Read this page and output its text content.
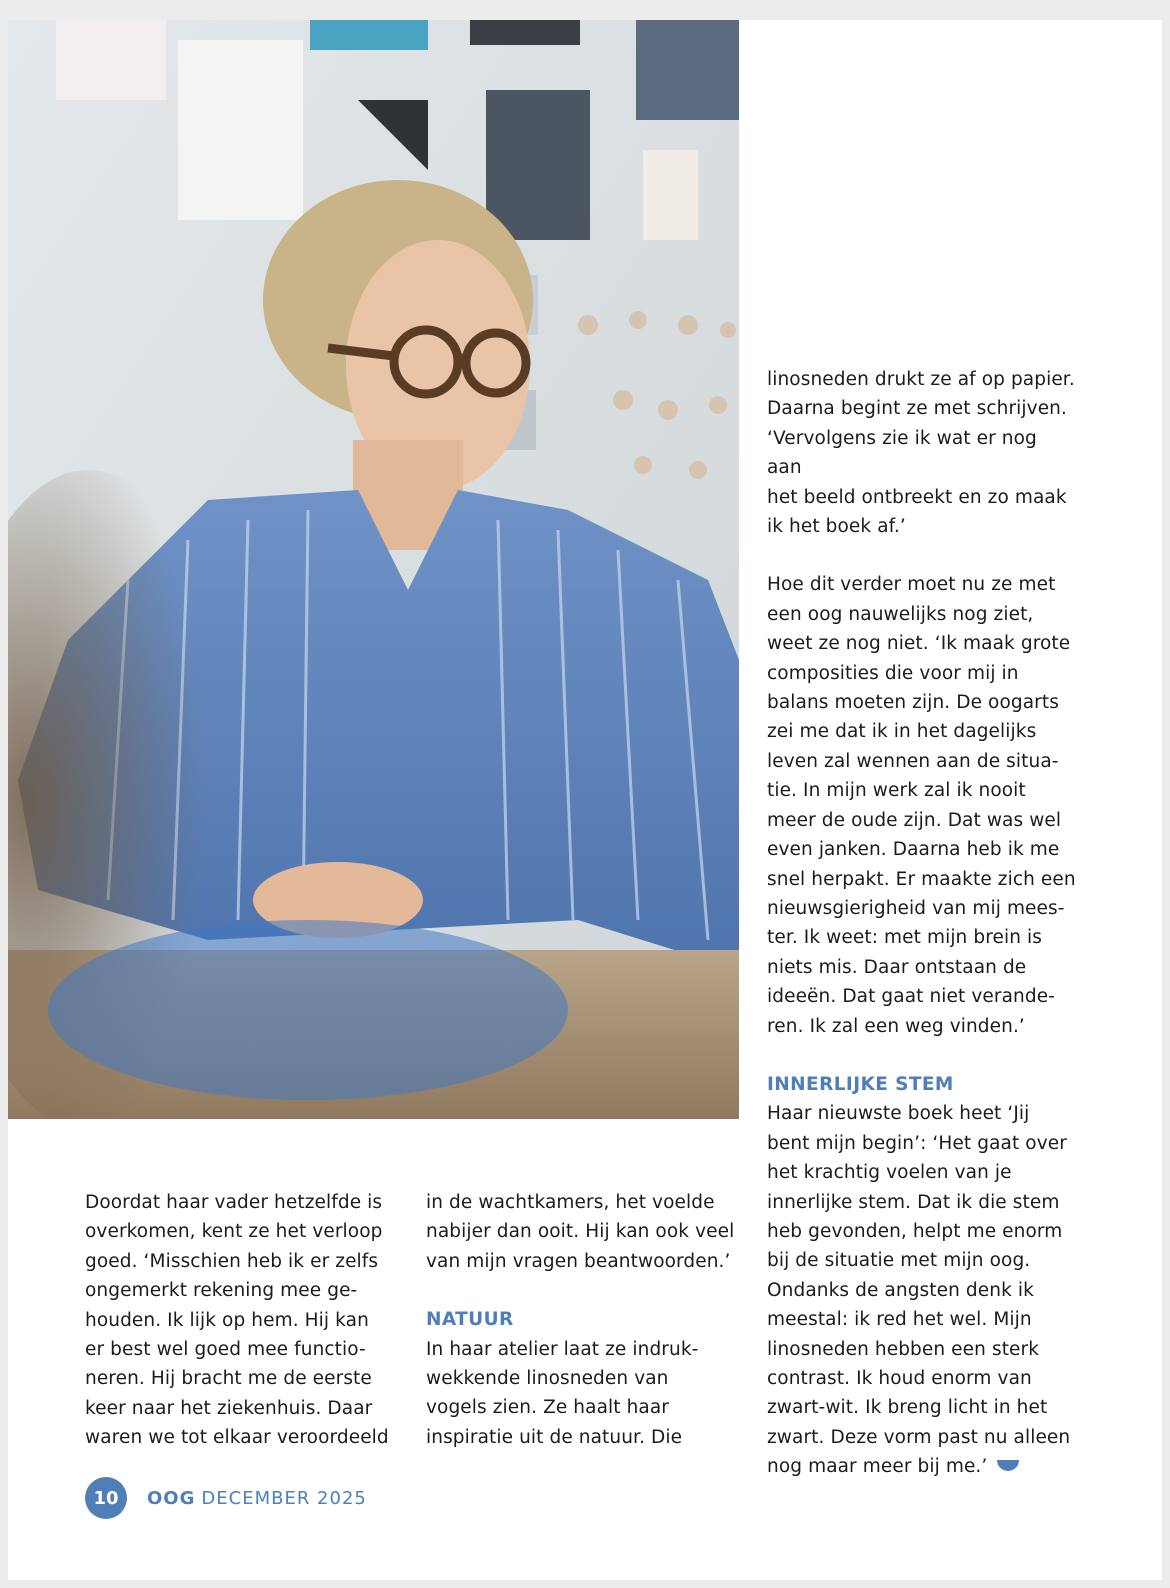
Doordat haar vader hetzelfde is

overkomen, kent ze het verloop

goed. ‘Misschien heb ik er zelfs

ongemerkt rekening mee ge-

houden. Ik lijk op hem. Hij kan

er best wel goed mee functio-

neren. Hij bracht me de eerste

keer naar het ziekenhuis. Daar

waren we tot elkaar veroordeeld

in de wachtkamers, het voelde

nabijer dan ooit. Hij kan ook veel

van mijn vragen beantwoorden.’

NATUUR

In haar atelier laat ze indruk-

wekkende linosneden van

vogels zien. Ze haalt haar

inspiratie uit de natuur. Die

linosneden drukt ze af op papier.

Daarna begint ze met schrijven.

‘Vervolgens zie ik wat er nog aan

het beeld ontbreekt en zo maak

ik het boek af.’

Hoe dit verder moet nu ze met

een oog nauwelijks nog ziet,

weet ze nog niet. ‘Ik maak grote

composities die voor mij in

balans moeten zijn. De oogarts

zei me dat ik in het dagelijks

leven zal wennen aan de situa-

tie. In mijn werk zal ik nooit

meer de oude zijn. Dat was wel

even janken. Daarna heb ik me

snel herpakt. Er maakte zich een

nieuwsgierigheid van mij mees-

ter. Ik weet: met mijn brein is

niets mis. Daar ontstaan de

ideeën. Dat gaat niet verande-

ren. Ik zal een weg vinden.’

INNERLIJKE STEM

Haar nieuwste boek heet ‘Jij

bent mijn begin’: ‘Het gaat over

het krachtig voelen van je

innerlijke stem. Dat ik die stem

heb gevonden, helpt me enorm

bij de situatie met mijn oog.

Ondanks de angsten denk ik

meestal: ik red het wel. Mijn

linosneden hebben een sterk

contrast. Ik houd enorm van

zwart-wit. Ik breng licht in het

zwart. Deze vorm past nu alleen

nog maar meer bij me.’

10	OOG DECEMBER 2025
